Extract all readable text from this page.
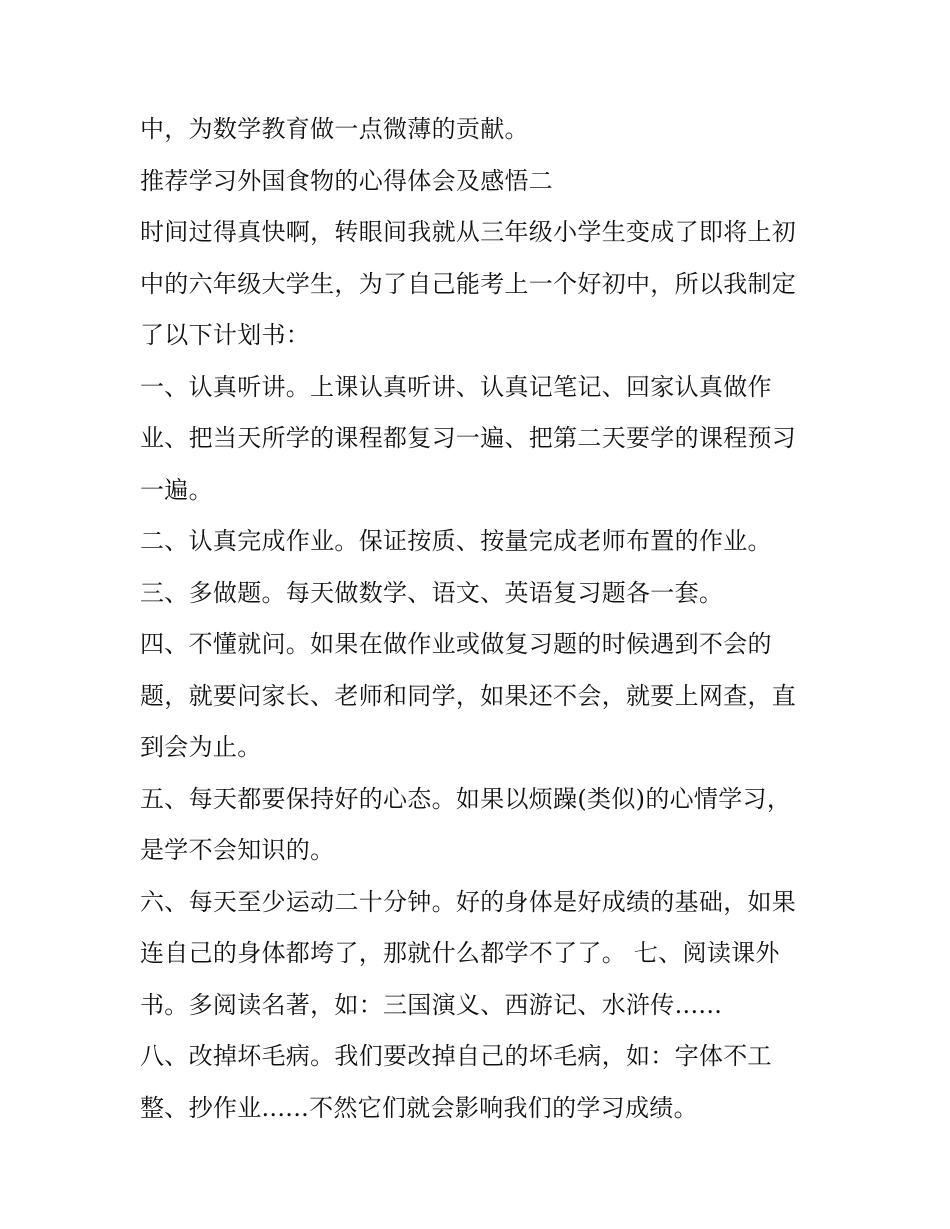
中，为数学教育做一点微薄的贡献。
推荐学习外国食物的心得体会及感悟二
时间过得真快啊，转眼间我就从三年级小学生变成了即将上初
中的六年级大学生，为了自己能考上一个好初中，所以我制定
了以下计划书：
一、认真听讲。上课认真听讲、认真记笔记、回家认真做作
业、把当天所学的课程都复习一遍、把第二天要学的课程预习
一遍。
二、认真完成作业。保证按质、按量完成老师布置的作业。
三、多做题。每天做数学、语文、英语复习题各一套。
四、不懂就问。如果在做作业或做复习题的时候遇到不会的
题，就要问家长、老师和同学，如果还不会，就要上网查，直
到会为止。
五、每天都要保持好的心态。如果以烦躁(类似)的心情学习，
是学不会知识的。
六、每天至少运动二十分钟。好的身体是好成绩的基础，如果
连自己的身体都垮了，那就什么都学不了了。 七、阅读课外
书。多阅读名著，如：三国演义、西游记、水浒传......
八、改掉坏毛病。我们要改掉自己的坏毛病，如：字体不工
整、抄作业......不然它们就会影响我们的学习成绩。
